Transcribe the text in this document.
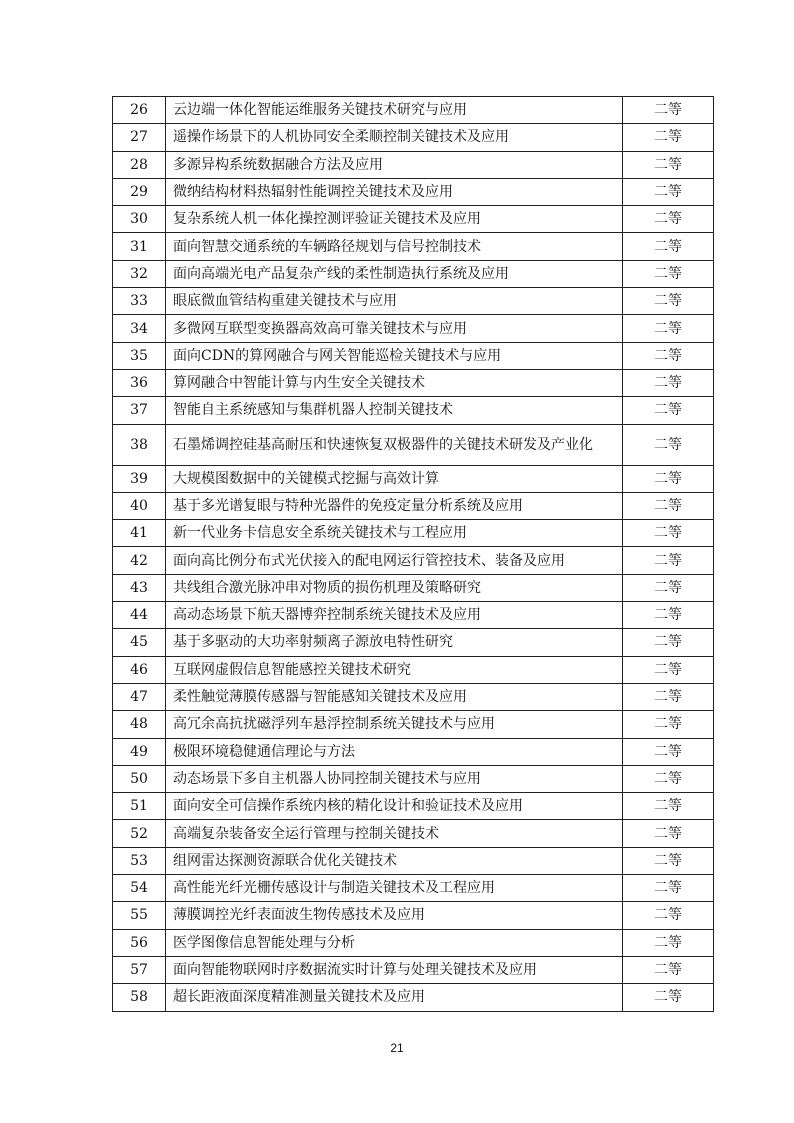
26	云边端一体化智能运维服务关键技术研究与应用	二等
27	遥操作场景下的人机协同安全柔顺控制关键技术及应用	二等
28	多源异构系统数据融合方法及应用	二等
29	微纳结构材料热辐射性能调控关键技术及应用	二等
30	复杂系统人机一体化操控测评验证关键技术及应用	二等
31	面向智慧交通系统的车辆路径规划与信号控制技术	二等
32	面向高端光电产品复杂产线的柔性制造执行系统及应用	二等
33	眼底微血管结构重建关键技术与应用	二等
34	多微网互联型变换器高效高可靠关键技术与应用	二等
35	面向CDN的算网融合与网关智能巡检关键技术与应用	二等
36	算网融合中智能计算与内生安全关键技术	二等
37	智能自主系统感知与集群机器人控制关键技术	二等
38	石墨烯调控硅基高耐压和快速恢复双极器件的关键技术研发及产业化	二等
39	大规模图数据中的关键模式挖掘与高效计算	二等
40	基于多光谱复眼与特种光器件的免疫定量分析系统及应用	二等
41	新一代业务卡信息安全系统关键技术与工程应用	二等
42	面向高比例分布式光伏接入的配电网运行管控技术、装备及应用	二等
43	共线组合激光脉冲串对物质的损伤机理及策略研究	二等
44	高动态场景下航天器博弈控制系统关键技术及应用	二等
45	基于多驱动的大功率射频离子源放电特性研究	二等
46	互联网虚假信息智能感控关键技术研究	二等
47	柔性触觉薄膜传感器与智能感知关键技术及应用	二等
48	高冗余高抗扰磁浮列车悬浮控制系统关键技术与应用	二等
49	极限环境稳健通信理论与方法	二等
50	动态场景下多自主机器人协同控制关键技术与应用	二等
51	面向安全可信操作系统内核的精化设计和验证技术及应用	二等
52	高端复杂装备安全运行管理与控制关键技术	二等
53	组网雷达探测资源联合优化关键技术	二等
54	高性能光纤光栅传感设计与制造关键技术及工程应用	二等
55	薄膜调控光纤表面波生物传感技术及应用	二等
56	医学图像信息智能处理与分析	二等
57	面向智能物联网时序数据流实时计算与处理关键技术及应用	二等
58	超长距液面深度精准测量关键技术及应用	二等
21
